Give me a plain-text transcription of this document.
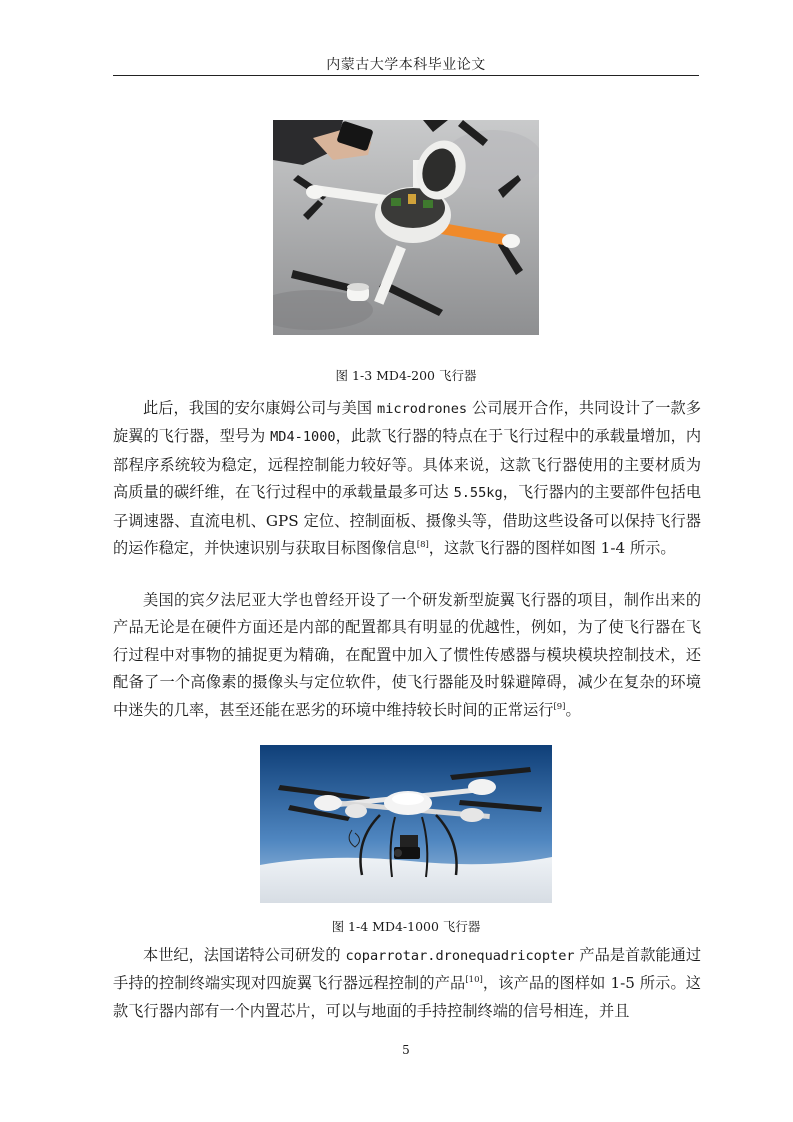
内蒙古大学本科毕业论文
图 1-3 MD4-200 飞行器

此后，我国的安尔康姆公司与美国 microdrones 公司展开合作，共同设计了一款多旋翼的飞行器，型号为 MD4-1000，此款飞行器的特点在于飞行过程中的承载量增加，内部程序系统较为稳定，远程控制能力较好等。具体来说，这款飞行器使用的主要材质为高质量的碳纤维，在飞行过程中的承载量最多可达 5.55kg，飞行器内的主要部件包括电子调速器、直流电机、GPS 定位、控制面板、摄像头等，借助这些设备可以保持飞行器的运作稳定，并快速识别与获取目标图像信息[8]，这款飞行器的图样如图 1-4 所示。

美国的宾夕法尼亚大学也曾经开设了一个研发新型旋翼飞行器的项目，制作出来的产品无论是在硬件方面还是内部的配置都具有明显的优越性，例如，为了使飞行器在飞行过程中对事物的捕捉更为精确，在配置中加入了惯性传感器与模块模块控制技术，还配备了一个高像素的摄像头与定位软件，使飞行器能及时躲避障碍，减少在复杂的环境中迷失的几率，甚至还能在恶劣的环境中维持较长时间的正常运行[9]。

图 1-4 MD4-1000 飞行器

本世纪，法国诺特公司研发的 coparrotar.dronequadricopter 产品是首款能通过手持的控制终端实现对四旋翼飞行器远程控制的产品[10]，该产品的图样如 1-5 所示。这款飞行器内部有一个内置芯片，可以与地面的手持控制终端的信号相连，并且

5
